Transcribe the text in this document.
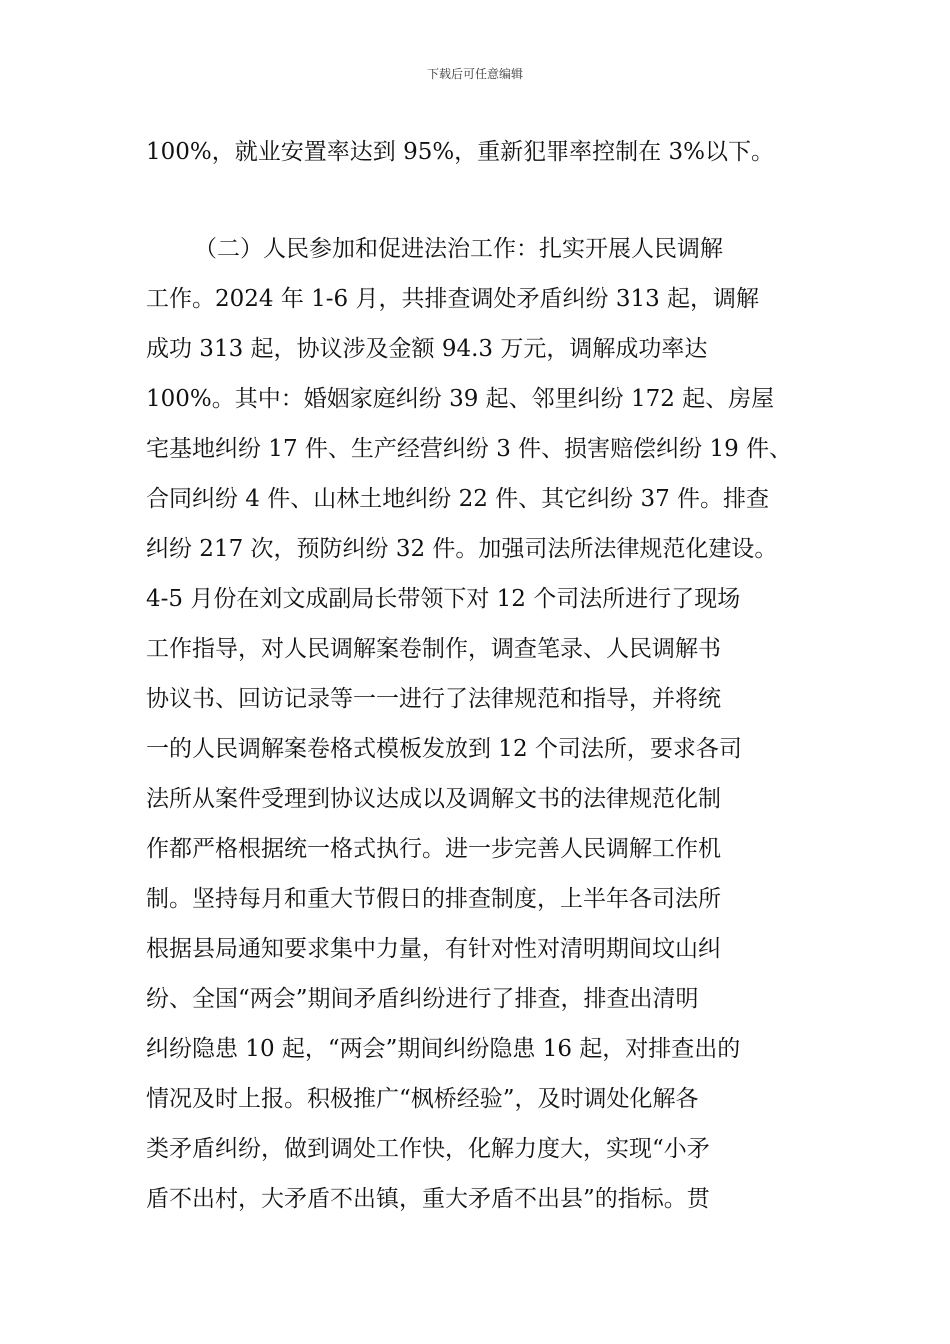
下载后可任意编辑
100%，就业安置率达到 95%，重新犯罪率控制在 3%以下。
（二）人民参加和促进法治工作：扎实开展人民调解
工作。2024 年 1-6 月，共排查调处矛盾纠纷 313 起，调解
成功 313 起，协议涉及金额 94.3 万元，调解成功率达
100%。其中：婚姻家庭纠纷 39 起、邻里纠纷 172 起、房屋
宅基地纠纷 17 件、生产经营纠纷 3 件、损害赔偿纠纷 19 件、
合同纠纷 4 件、山林土地纠纷 22 件、其它纠纷 37 件。排查
纠纷 217 次，预防纠纷 32 件。加强司法所法律规范化建设。
4-5 月份在刘文成副局长带领下对 12 个司法所进行了现场
工作指导，对人民调解案卷制作，调查笔录、人民调解书
协议书、回访记录等一一进行了法律规范和指导，并将统
一的人民调解案卷格式模板发放到 12 个司法所，要求各司
法所从案件受理到协议达成以及调解文书的法律规范化制
作都严格根据统一格式执行。进一步完善人民调解工作机
制。坚持每月和重大节假日的排查制度，上半年各司法所
根据县局通知要求集中力量，有针对性对清明期间坟山纠
纷、全国“两会”期间矛盾纠纷进行了排查，排查出清明
纠纷隐患 10 起，“两会”期间纠纷隐患 16 起，对排查出的
情况及时上报。积极推广“枫桥经验”，及时调处化解各
类矛盾纠纷，做到调处工作快，化解力度大，实现“小矛
盾不出村，大矛盾不出镇，重大矛盾不出县”的指标。贯
